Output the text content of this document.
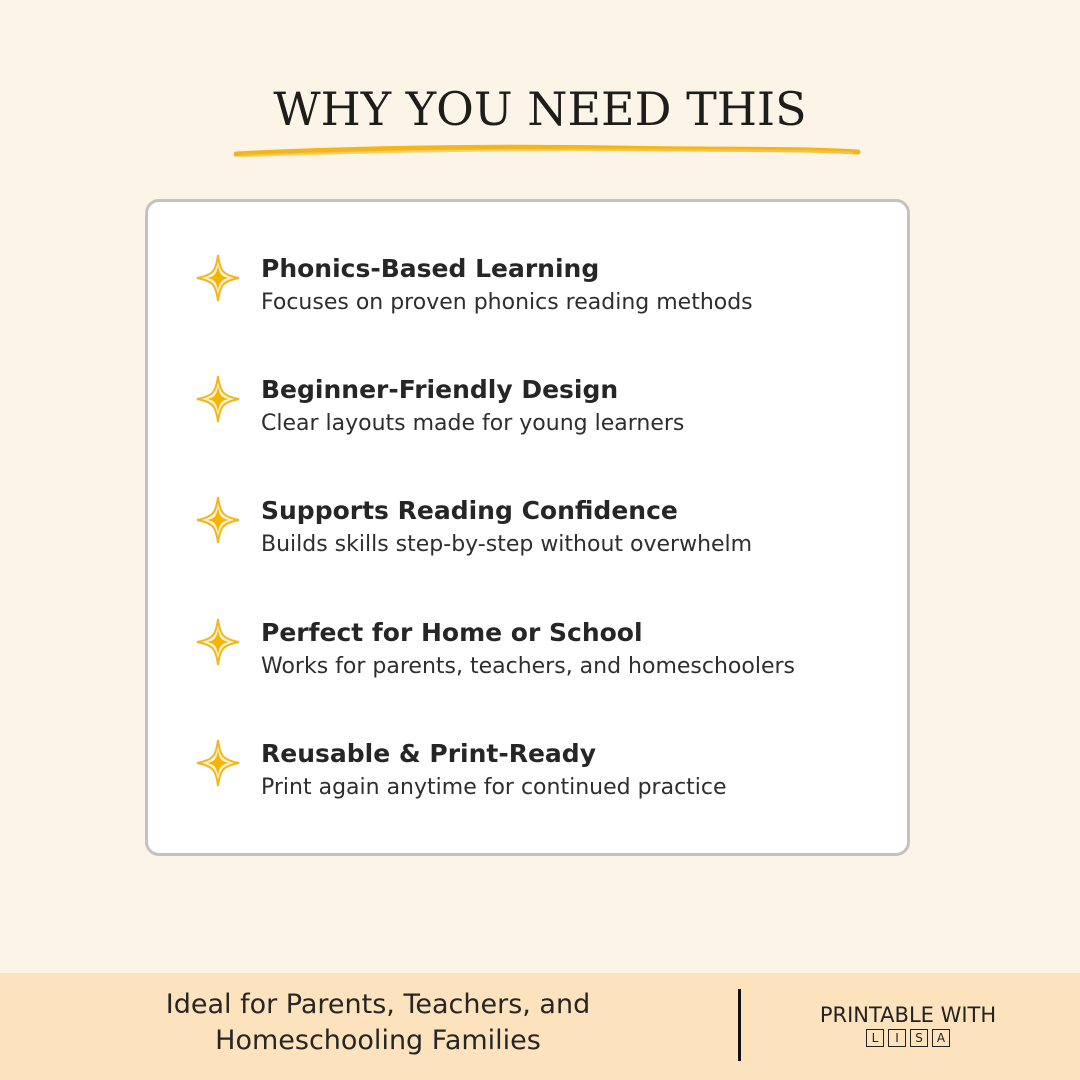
WHY YOU NEED THIS
Phonics-Based Learning
Focuses on proven phonics reading methods
Beginner-Friendly Design
Clear layouts made for young learners
Supports Reading Confidence
Builds skills step-by-step without overwhelm
Perfect for Home or School
Works for parents, teachers, and homeschoolers
Reusable & Print-Ready
Print again anytime for continued practice
Ideal for Parents, Teachers, and
Homeschooling Families
PRINTABLE WITH
L	I	S	A
